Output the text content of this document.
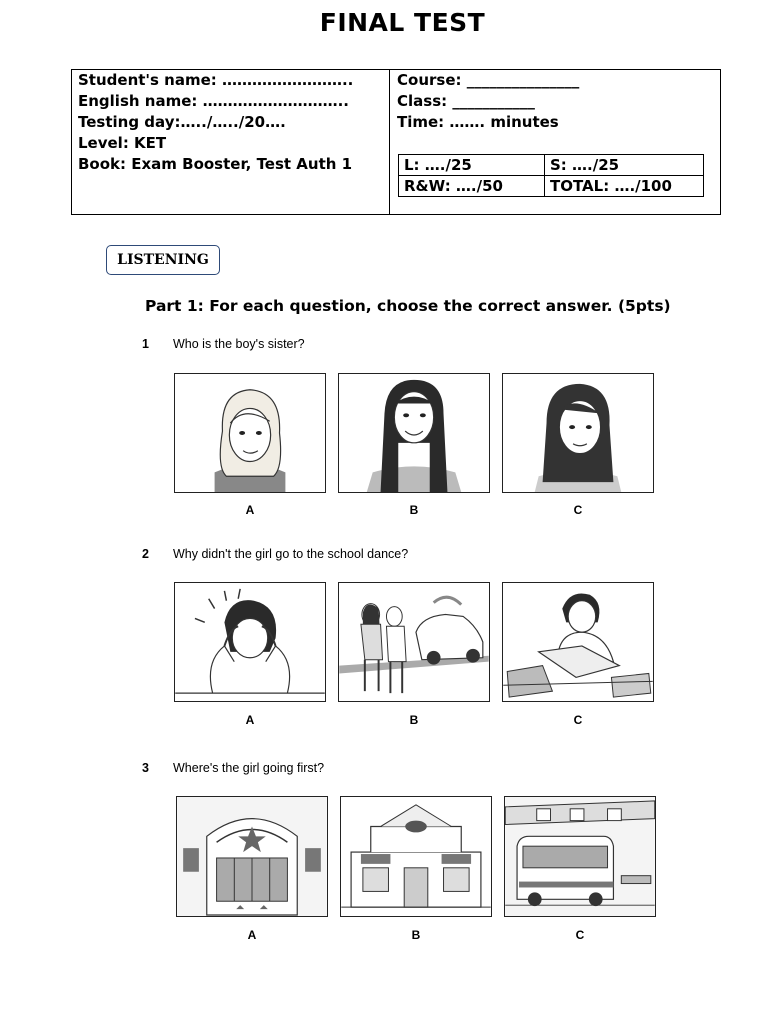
FINAL TEST
Student's name: ……………………..
English name: ………………………..
Testing day:…../…../20….
Level: KET
Book: Exam Booster, Test Auth 1
Course: _______________
Class: ___________
Time: ……. minutes
L: …./25	S: …./25
R&W: …./50	TOTAL: …./100
LISTENING
Part 1: For each question, choose the correct answer. (5pts)
1 Who is the boy's sister?
A	B	C
2 Why didn't the girl go to the school dance?
A	B	C
3 Where's the girl going first?
A	B	C
